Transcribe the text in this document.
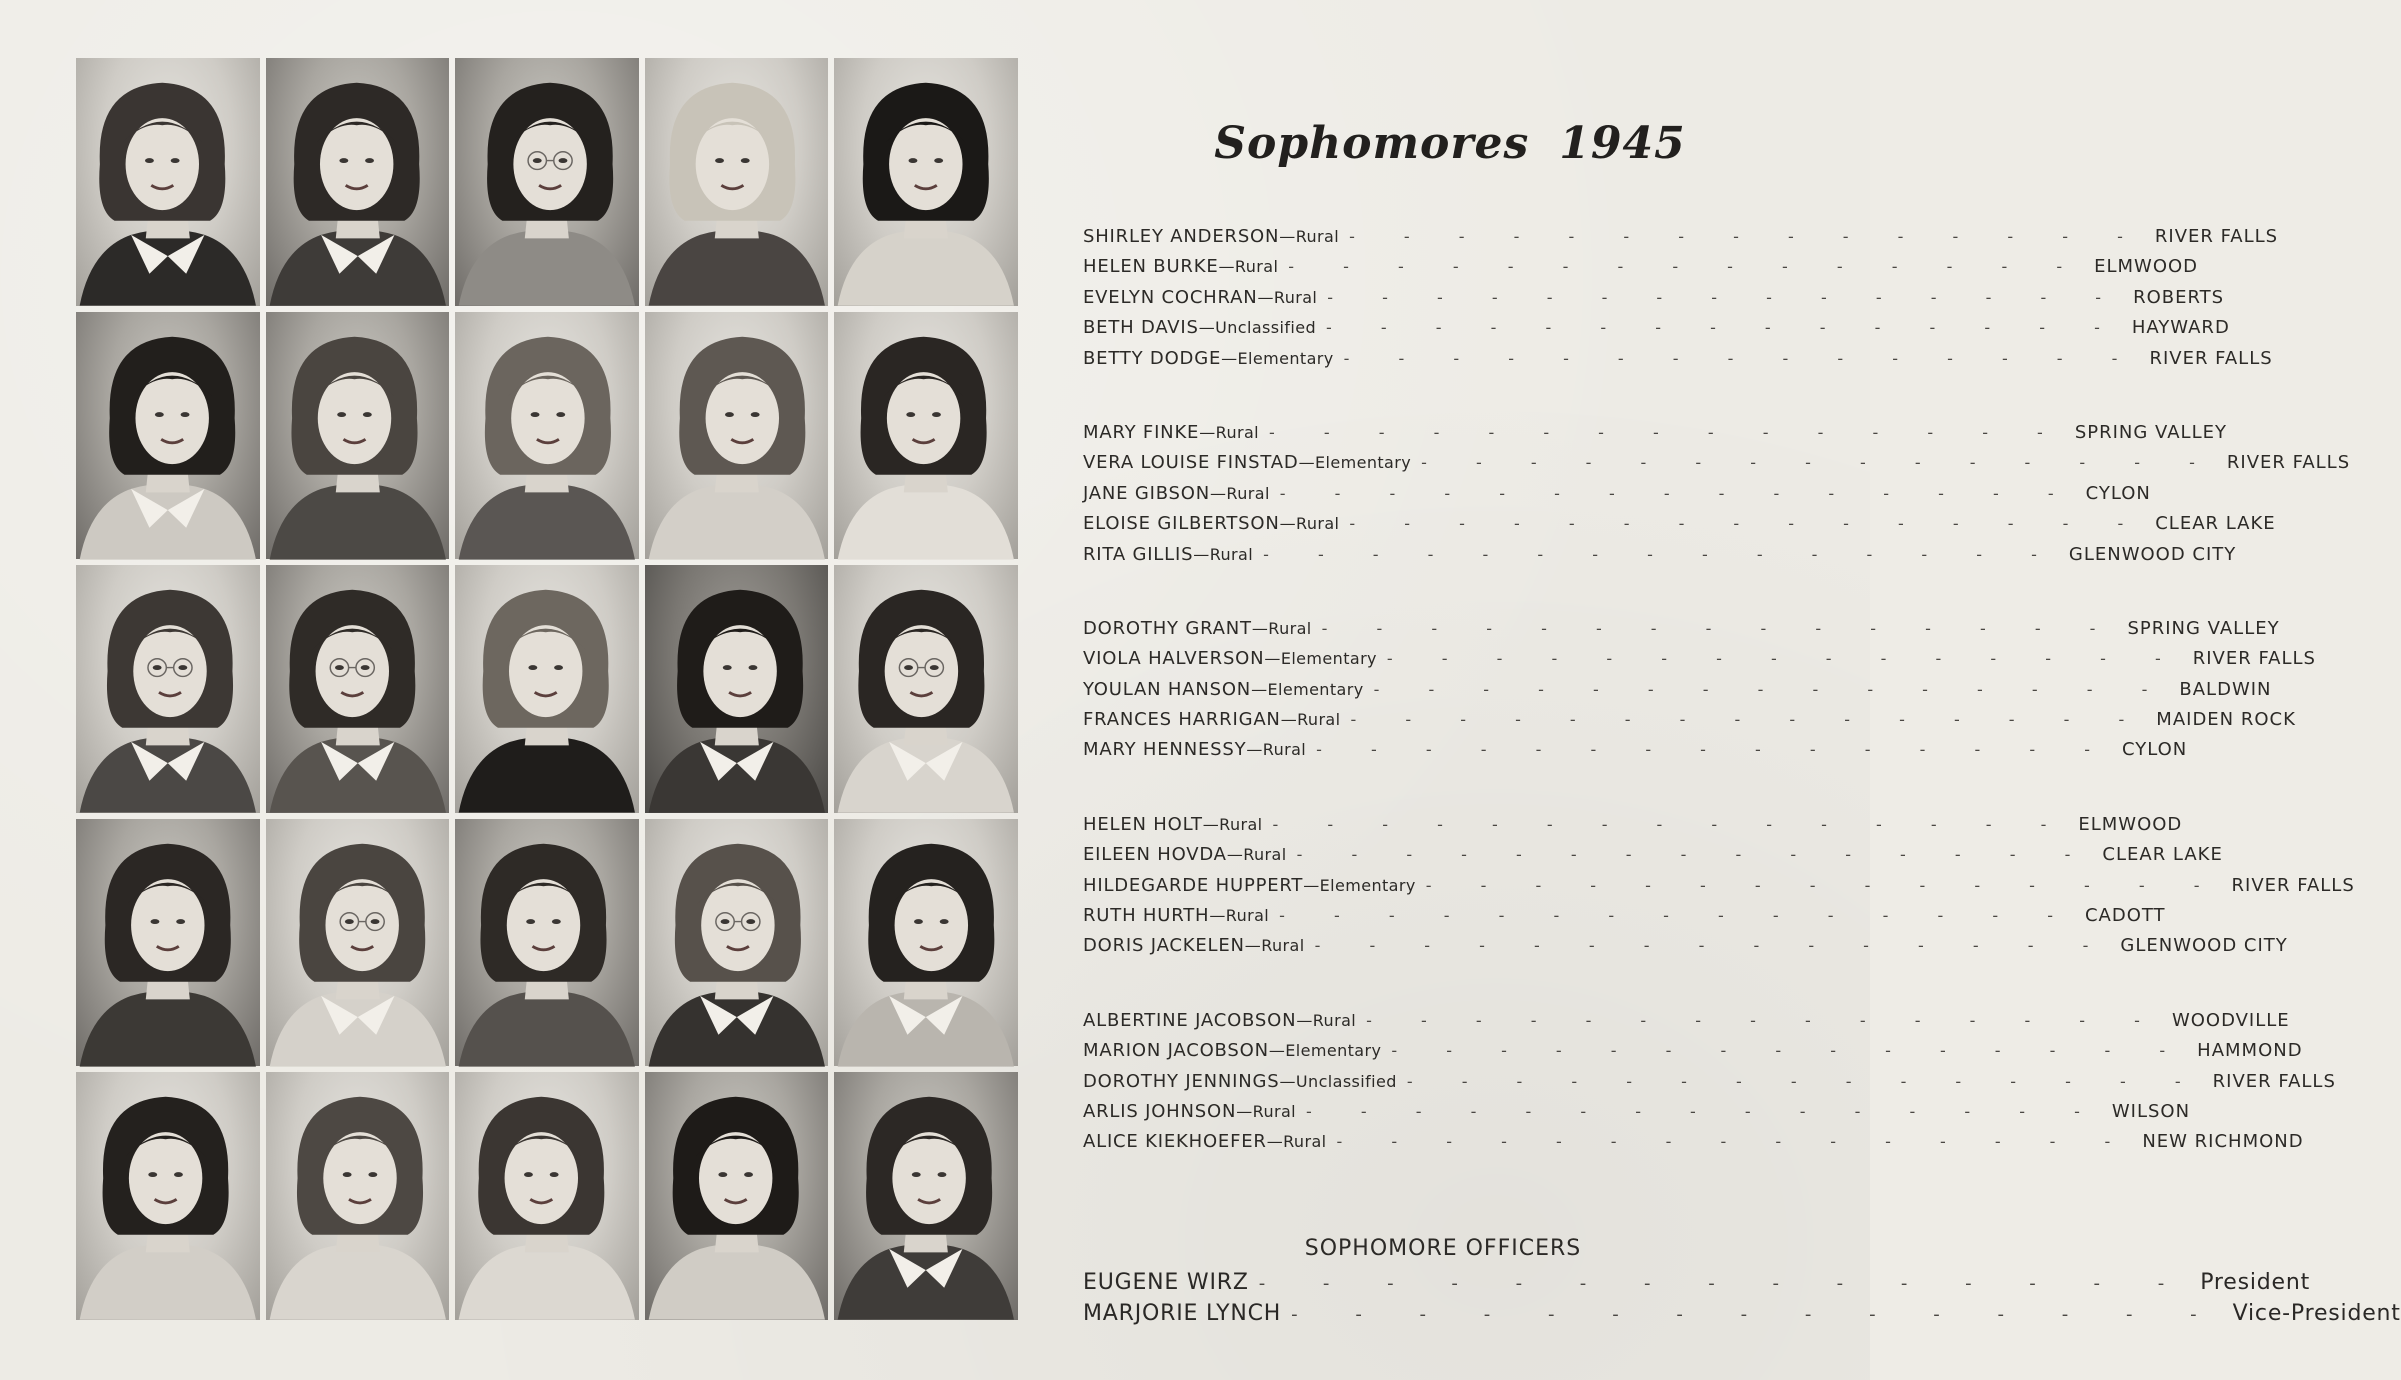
Sophomores 1945
SHIRLEY ANDERSON — Rural - - - - - - - - - - - - - - - RIVER FALLS
HELEN BURKE — Rural - - - - - - - - - - - - - - - ELMWOOD
EVELYN COCHRAN — Rural - - - - - - - - - - - - - - - ROBERTS
BETH DAVIS — Unclassified - - - - - - - - - - - - - - - HAYWARD
BETTY DODGE — Elementary - - - - - - - - - - - - - - - RIVER FALLS
MARY FINKE — Rural - - - - - - - - - - - - - - - SPRING VALLEY
VERA LOUISE FINSTAD — Elementary - - - - - - - - - - - - - - - RIVER FALLS
JANE GIBSON — Rural - - - - - - - - - - - - - - - CYLON
ELOISE GILBERTSON — Rural - - - - - - - - - - - - - - - CLEAR LAKE
RITA GILLIS — Rural - - - - - - - - - - - - - - - GLENWOOD CITY
DOROTHY GRANT — Rural - - - - - - - - - - - - - - - SPRING VALLEY
VIOLA HALVERSON — Elementary - - - - - - - - - - - - - - - RIVER FALLS
YOULAN HANSON — Elementary - - - - - - - - - - - - - - - BALDWIN
FRANCES HARRIGAN — Rural - - - - - - - - - - - - - - - MAIDEN ROCK
MARY HENNESSY — Rural - - - - - - - - - - - - - - - CYLON
HELEN HOLT — Rural - - - - - - - - - - - - - - - ELMWOOD
EILEEN HOVDA — Rural - - - - - - - - - - - - - - - CLEAR LAKE
HILDEGARDE HUPPERT — Elementary - - - - - - - - - - - - - - - RIVER FALLS
RUTH HURTH — Rural - - - - - - - - - - - - - - - CADOTT
DORIS JACKELEN — Rural - - - - - - - - - - - - - - - GLENWOOD CITY
ALBERTINE JACOBSON — Rural - - - - - - - - - - - - - - - WOODVILLE
MARION JACOBSON — Elementary - - - - - - - - - - - - - - - HAMMOND
DOROTHY JENNINGS — Unclassified - - - - - - - - - - - - - - - RIVER FALLS
ARLIS JOHNSON — Rural - - - - - - - - - - - - - - - WILSON
ALICE KIEKHOEFER — Rural - - - - - - - - - - - - - - - NEW RICHMOND
SOPHOMORE OFFICERS
EUGENE WIRZ - - - - - - - - - - - - - - - President
MARJORIE LYNCH - - - - - - - - - - - - - - - Vice-President
